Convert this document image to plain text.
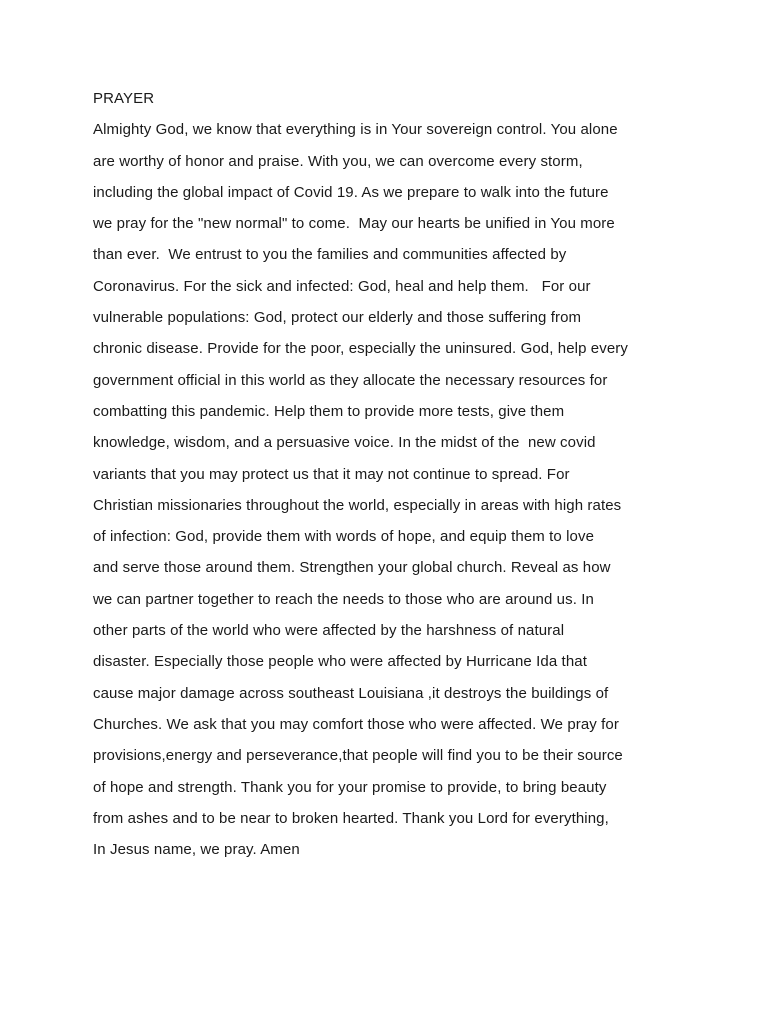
PRAYER
Almighty God, we know that everything is in Your sovereign control. You alone
are worthy of honor and praise. With you, we can overcome every storm,
including the global impact of Covid 19. As we prepare to walk into the future
we pray for the "new normal" to come.  May our hearts be unified in You more
than ever.  We entrust to you the families and communities affected by
Coronavirus. For the sick and infected: God, heal and help them.   For our
vulnerable populations: God, protect our elderly and those suffering from
chronic disease. Provide for the poor, especially the uninsured. God, help every
government official in this world as they allocate the necessary resources for
combatting this pandemic. Help them to provide more tests, give them
knowledge, wisdom, and a persuasive voice. In the midst of the  new covid
variants that you may protect us that it may not continue to spread. For
Christian missionaries throughout the world, especially in areas with high rates
of infection: God, provide them with words of hope, and equip them to love
and serve those around them. Strengthen your global church. Reveal as how
we can partner together to reach the needs to those who are around us. In
other parts of the world who were affected by the harshness of natural
disaster. Especially those people who were affected by Hurricane Ida that
cause major damage across southeast Louisiana ,it destroys the buildings of
Churches. We ask that you may comfort those who were affected. We pray for
provisions,energy and perseverance,that people will find you to be their source
of hope and strength. Thank you for your promise to provide, to bring beauty
from ashes and to be near to broken hearted. Thank you Lord for everything,
In Jesus name, we pray. Amen
